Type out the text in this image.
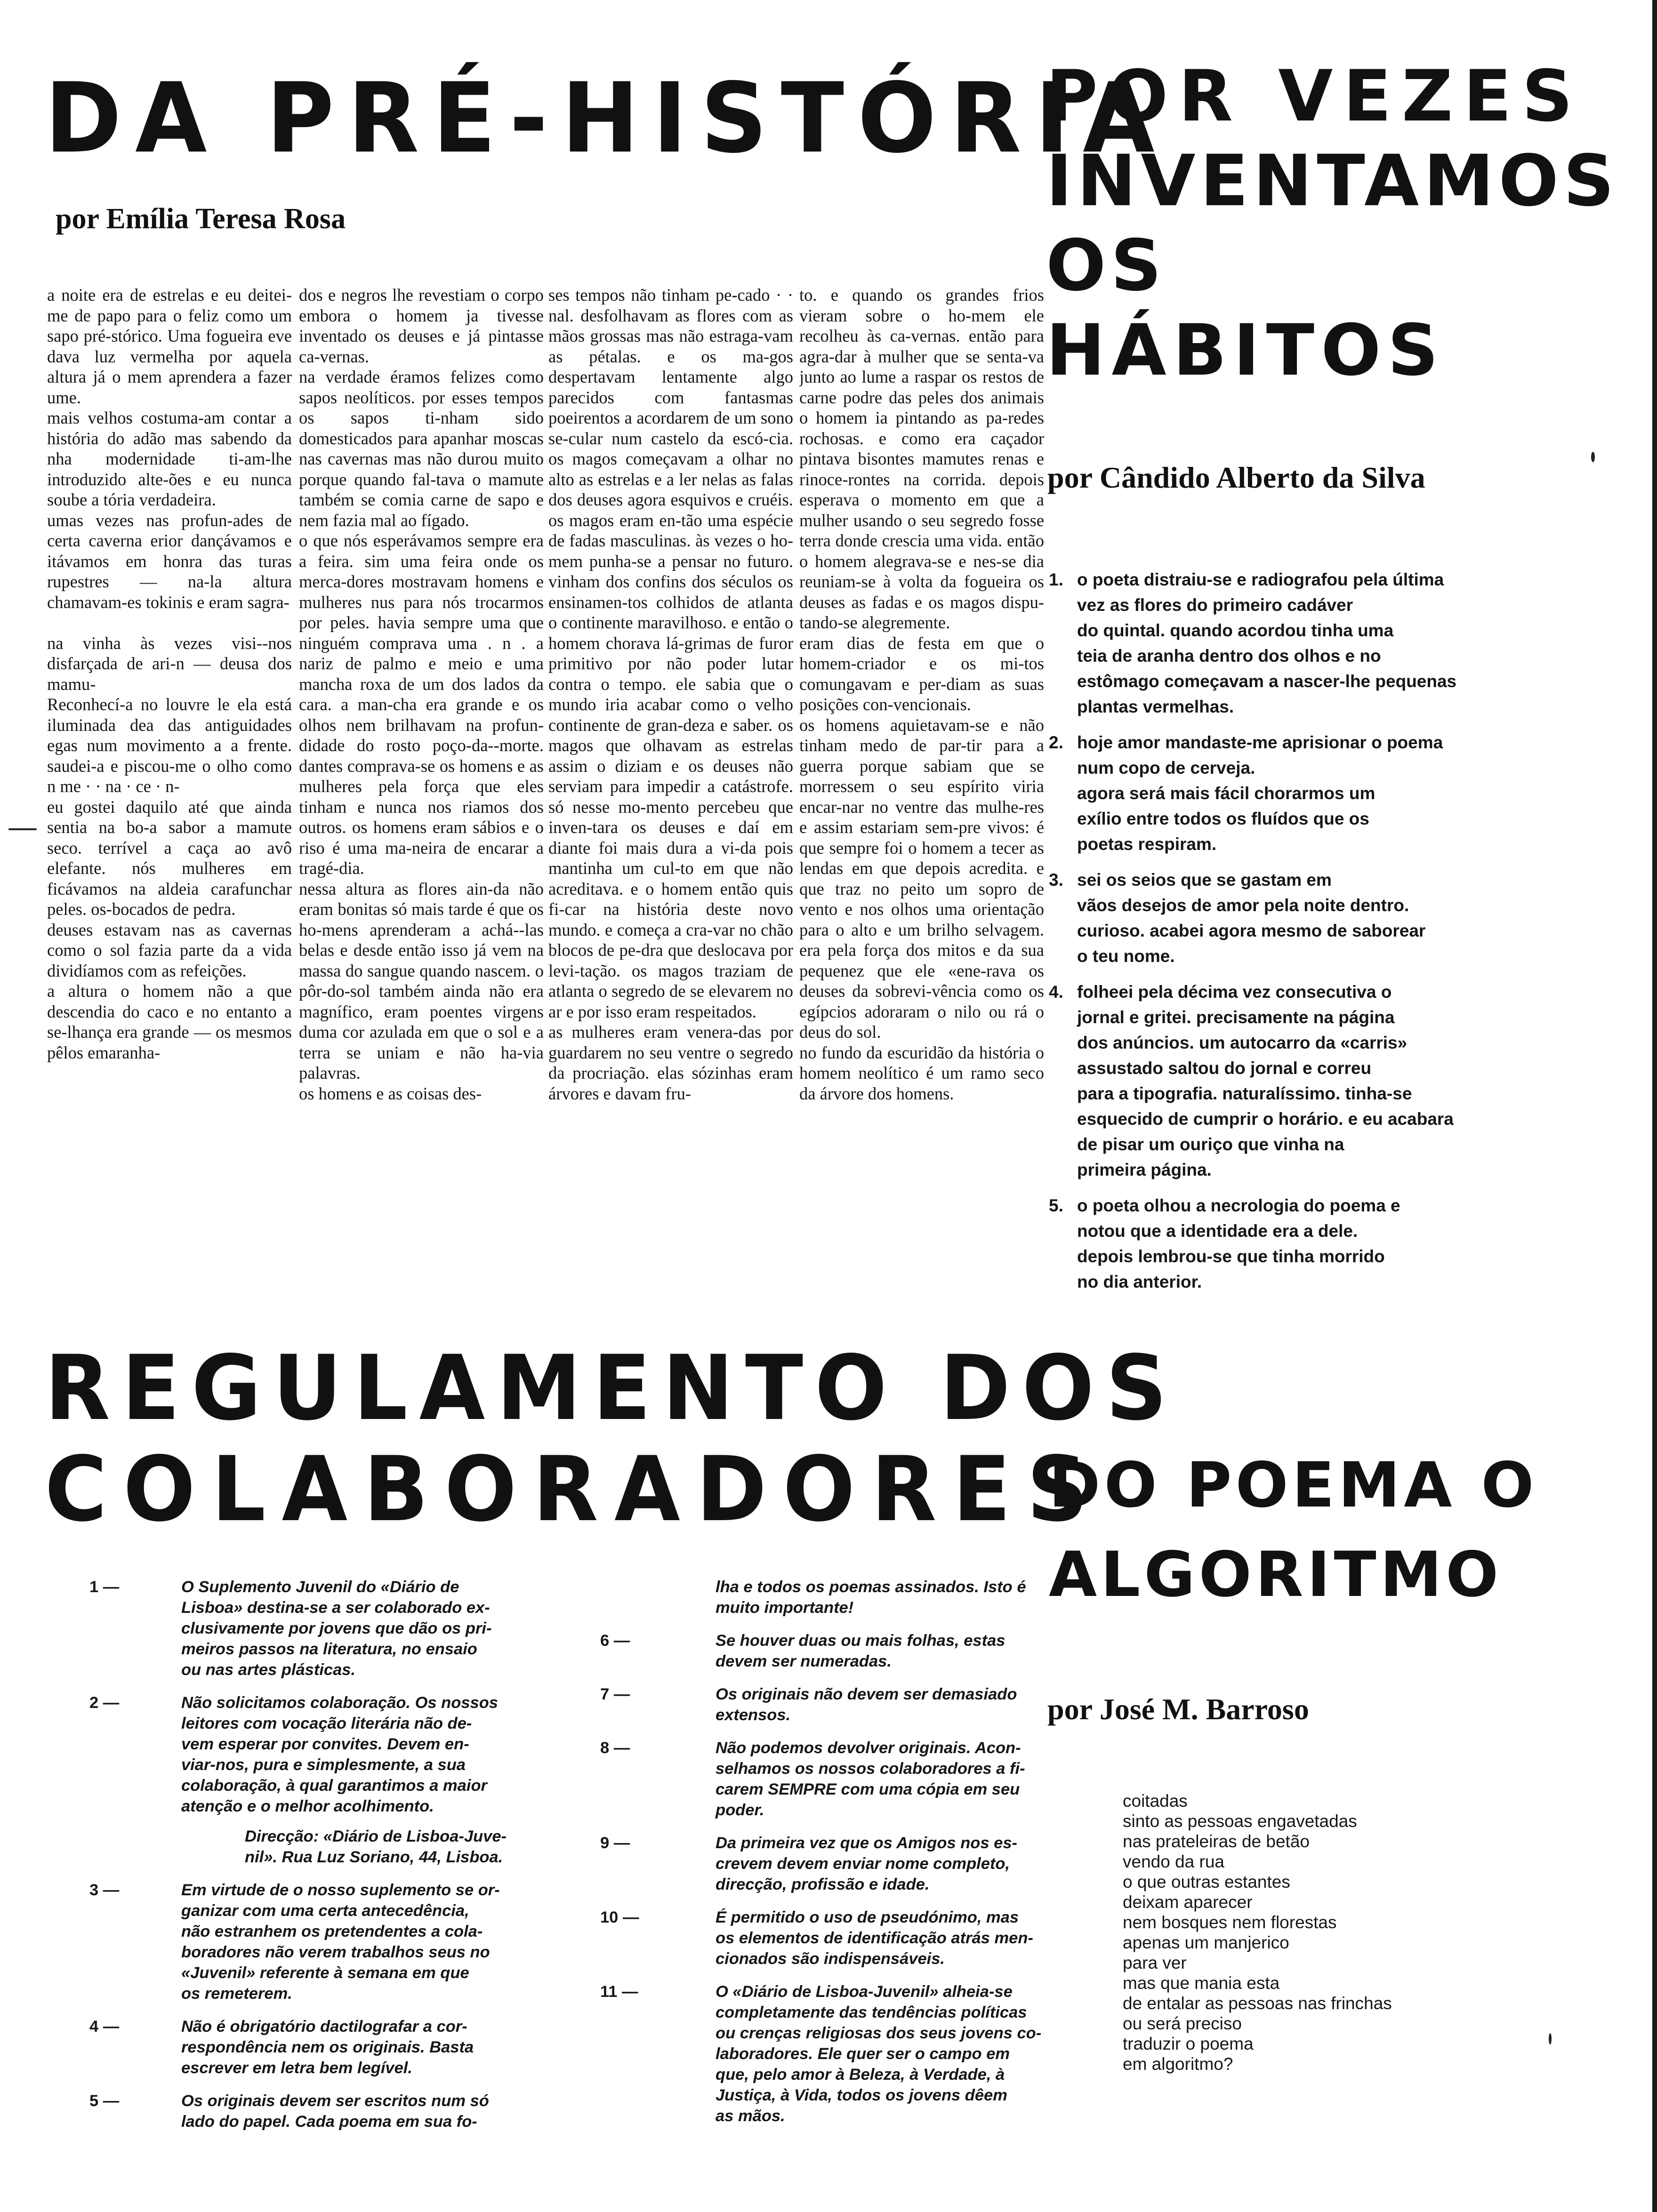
DA PRÉ-HISTÓRIA
por Emília Teresa Rosa
a noite era de estrelas e eu deitei-me de papo para o feliz como um sapo pré-stórico. Uma fogueira eve dava luz vermelha por aquela altura já o mem aprendera a fazer ume.
mais velhos costuma-am contar a história do adão mas sabendo da nha modernidade ti-am-lhe introduzido alte-ões e eu nunca soube a tória verdadeira.
umas vezes nas profun-ades de certa caverna erior dançávamos e itávamos em honra das turas rupestres — na-la altura chamavam-es tokinis e eram sagra-

na vinha às vezes visi--nos disfarçada de ari-n — deusa dos mamu-
Reconhecí-a no louvre le ela está iluminada dea das antiguidades egas num movimento a a frente. saudei-a e piscou-me o olho como n me · · na · ce · n-
eu gostei daquilo até que ainda sentia na bo-a sabor a mamute seco. terrível a caça ao avô elefante. nós mulheres em ficávamos na aldeia carafunchar peles. os-bocados de pedra.
deuses estavam nas as cavernas como o sol fazia parte da a vida dividíamos com as refeições.
a altura o homem não a que descendia do caco e no entanto a se-lhança era grande — os mesmos pêlos emaranha-
dos e negros lhe revestiam o corpo embora o homem ja tivesse inventado os deuses e já pintasse ca-vernas.
na verdade éramos felizes como sapos neolíticos. por esses tempos os sapos ti-nham sido domesticados para apanhar moscas nas cavernas mas não durou muito porque quando fal-tava o mamute também se comia carne de sapo e nem fazia mal ao fígado.
o que nós esperávamos sempre era a feira. sim uma feira onde os merca-dores mostravam homens e mulheres nus para nós trocarmos por peles. havia sempre uma que ninguém comprava uma . n . a nariz de palmo e meio e uma mancha roxa de um dos lados da cara. a man-cha era grande e os olhos nem brilhavam na profun-didade do rosto poço-da--morte. dantes comprava-se os homens e as mulheres pela força que eles tinham e nunca nos riamos dos outros. os homens eram sábios e o riso é uma ma-neira de encarar a tragé-dia.
nessa altura as flores ain-da não eram bonitas só mais tarde é que os ho-mens aprenderam a achá--las belas e desde então isso já vem na massa do sangue quando nascem. o pôr-do-sol também ainda não era magnífico, eram poentes virgens duma cor azulada em que o sol e a terra se uniam e não ha-via palavras.
os homens e as coisas des-
ses tempos não tinham pe-cado · · nal. desfolhavam as flores com as mãos grossas mas não estraga-vam as pétalas. e os ma-gos despertavam lentamente algo parecidos com fantasmas poeirentos a acordarem de um sono se-cular num castelo da escó-cia. os magos começavam a olhar no alto as estrelas e a ler nelas as falas dos deuses agora esquivos e cruéis. os magos eram en-tão uma espécie de fadas masculinas. às vezes o ho-mem punha-se a pensar no futuro. vinham dos confins dos séculos os ensinamen-tos colhidos de atlanta o continente maravilhoso. e então o homem chorava lá-grimas de furor primitivo por não poder lutar contra o tempo. ele sabia que o mundo iria acabar como o velho continente de gran-deza e saber. os magos que olhavam as estrelas assim o diziam e os deuses não serviam para impedir a catástrofe. só nesse mo-mento percebeu que inven-tara os deuses e daí em diante foi mais dura a vi-da pois mantinha um cul-to em que não acreditava. e o homem então quis fi-car na história deste novo mundo. e começa a cra-var no chão blocos de pe-dra que deslocava por levi-tação. os magos traziam de atlanta o segredo de se elevarem no ar e por isso eram respeitados.
as mulheres eram venera-das por guardarem no seu ventre o segredo da procriação. elas sózinhas eram árvores e davam fru-
to. e quando os grandes frios vieram sobre o ho-mem ele recolheu às ca-vernas. então para agra-dar à mulher que se senta-va junto ao lume a raspar os restos de carne podre das peles dos animais o homem ia pintando as pa-redes rochosas. e como era caçador pintava bisontes mamutes renas e rinoce-rontes na corrida. depois esperava o momento em que a mulher usando o seu segredo fosse terra donde crescia uma vida. então o homem alegrava-se e nes-se dia reuniam-se à volta da fogueira os deuses as fadas e os magos dispu-tando-se alegremente.
eram dias de festa em que o homem-criador e os mi-tos comungavam e per-diam as suas posições con-vencionais.
os homens aquietavam-se e não tinham medo de par-tir para a guerra porque sabiam que se morressem o seu espírito viria encar-nar no ventre das mulhe-res e assim estariam sem-pre vivos: é que sempre foi o homem a tecer as lendas em que depois acredita. e que traz no peito um sopro de vento e nos olhos uma orientação para o alto e um brilho selvagem. era pela força dos mitos e da sua pequenez que ele «ene-rava os deuses da sobrevi-vência como os egípcios adoraram o nilo ou rá o deus do sol.
no fundo da escuridão da história o homem neolítico é um ramo seco da árvore dos homens.
POR VEZES
INVENTAMOS
OS
HÁBITOS
por Cândido Alberto da Silva
1. o poeta distraiu-se e radiografou pela última
vez as flores do primeiro cadáver
do quintal. quando acordou tinha uma
teia de aranha dentro dos olhos e no
estômago começavam a nascer-lhe pequenas
plantas vermelhas.
2. hoje amor mandaste-me aprisionar o poema
num copo de cerveja.
agora será mais fácil chorarmos um
exílio entre todos os fluídos que os
poetas respiram.
3. sei os seios que se gastam em
vãos desejos de amor pela noite dentro.
curioso. acabei agora mesmo de saborear
o teu nome.
4. folheei pela décima vez consecutiva o
jornal e gritei. precisamente na página
dos anúncios. um autocarro da «carris»
assustado saltou do jornal e correu
para a tipografia. naturalíssimo. tinha-se
esquecido de cumprir o horário. e eu acabara
de pisar um ouriço que vinha na
primeira página.
5. o poeta olhou a necrologia do poema e
notou que a identidade era a dele.
depois lembrou-se que tinha morrido
no dia anterior.
REGULAMENTO DOS
COLABORADORES
1 —	O Suplemento Juvenil do «Diário de
Lisboa» destina-se a ser colaborado ex-
clusivamente por jovens que dão os pri-
meiros passos na literatura, no ensaio
ou nas artes plásticas.
2 —	Não solicitamos colaboração. Os nossos
leitores com vocação literária não de-
vem esperar por convites. Devem en-
viar-nos, pura e simplesmente, a sua
colaboração, à qual garantimos a maior
atenção e o melhor acolhimento.
Direcção: «Diário de Lisboa-Juve-
nil». Rua Luz Soriano, 44, Lisboa.
3 —	Em virtude de o nosso suplemento se or-
ganizar com uma certa antecedência,
não estranhem os pretendentes a cola-
boradores não verem trabalhos seus no
«Juvenil» referente à semana em que
os remeterem.
4 —	Não é obrigatório dactilografar a cor-
respondência nem os originais. Basta
escrever em letra bem legível.
5 —	Os originais devem ser escritos num só
lado do papel. Cada poema em sua fo-
lha e todos os poemas assinados. Isto é
muito importante!
6 —	Se houver duas ou mais folhas, estas
devem ser numeradas.
7 —	Os originais não devem ser demasiado
extensos.
8 —	Não podemos devolver originais. Acon-
selhamos os nossos colaboradores a fi-
carem SEMPRE com uma cópia em seu
poder.
9 —	Da primeira vez que os Amigos nos es-
crevem devem enviar nome completo,
direcção, profissão e idade.
10 —	É permitido o uso de pseudónimo, mas
os elementos de identificação atrás men-
cionados são indispensáveis.
11 —	O «Diário de Lisboa-Juvenil» alheia-se
completamente das tendências políticas
ou crenças religiosas dos seus jovens co-
laboradores. Ele quer ser o campo em
que, pelo amor à Beleza, à Verdade, à
Justiça, à Vida, todos os jovens dêem
as mãos.
DO POEMA O
ALGORITMO
por José M. Barroso
coitadas
sinto as pessoas engavetadas
nas prateleiras de betão
vendo da rua
o que outras estantes
deixam aparecer
nem bosques nem florestas
apenas um manjerico
para ver
mas que mania esta
de entalar as pessoas nas frinchas
ou será preciso
traduzir o poema
em algoritmo?
